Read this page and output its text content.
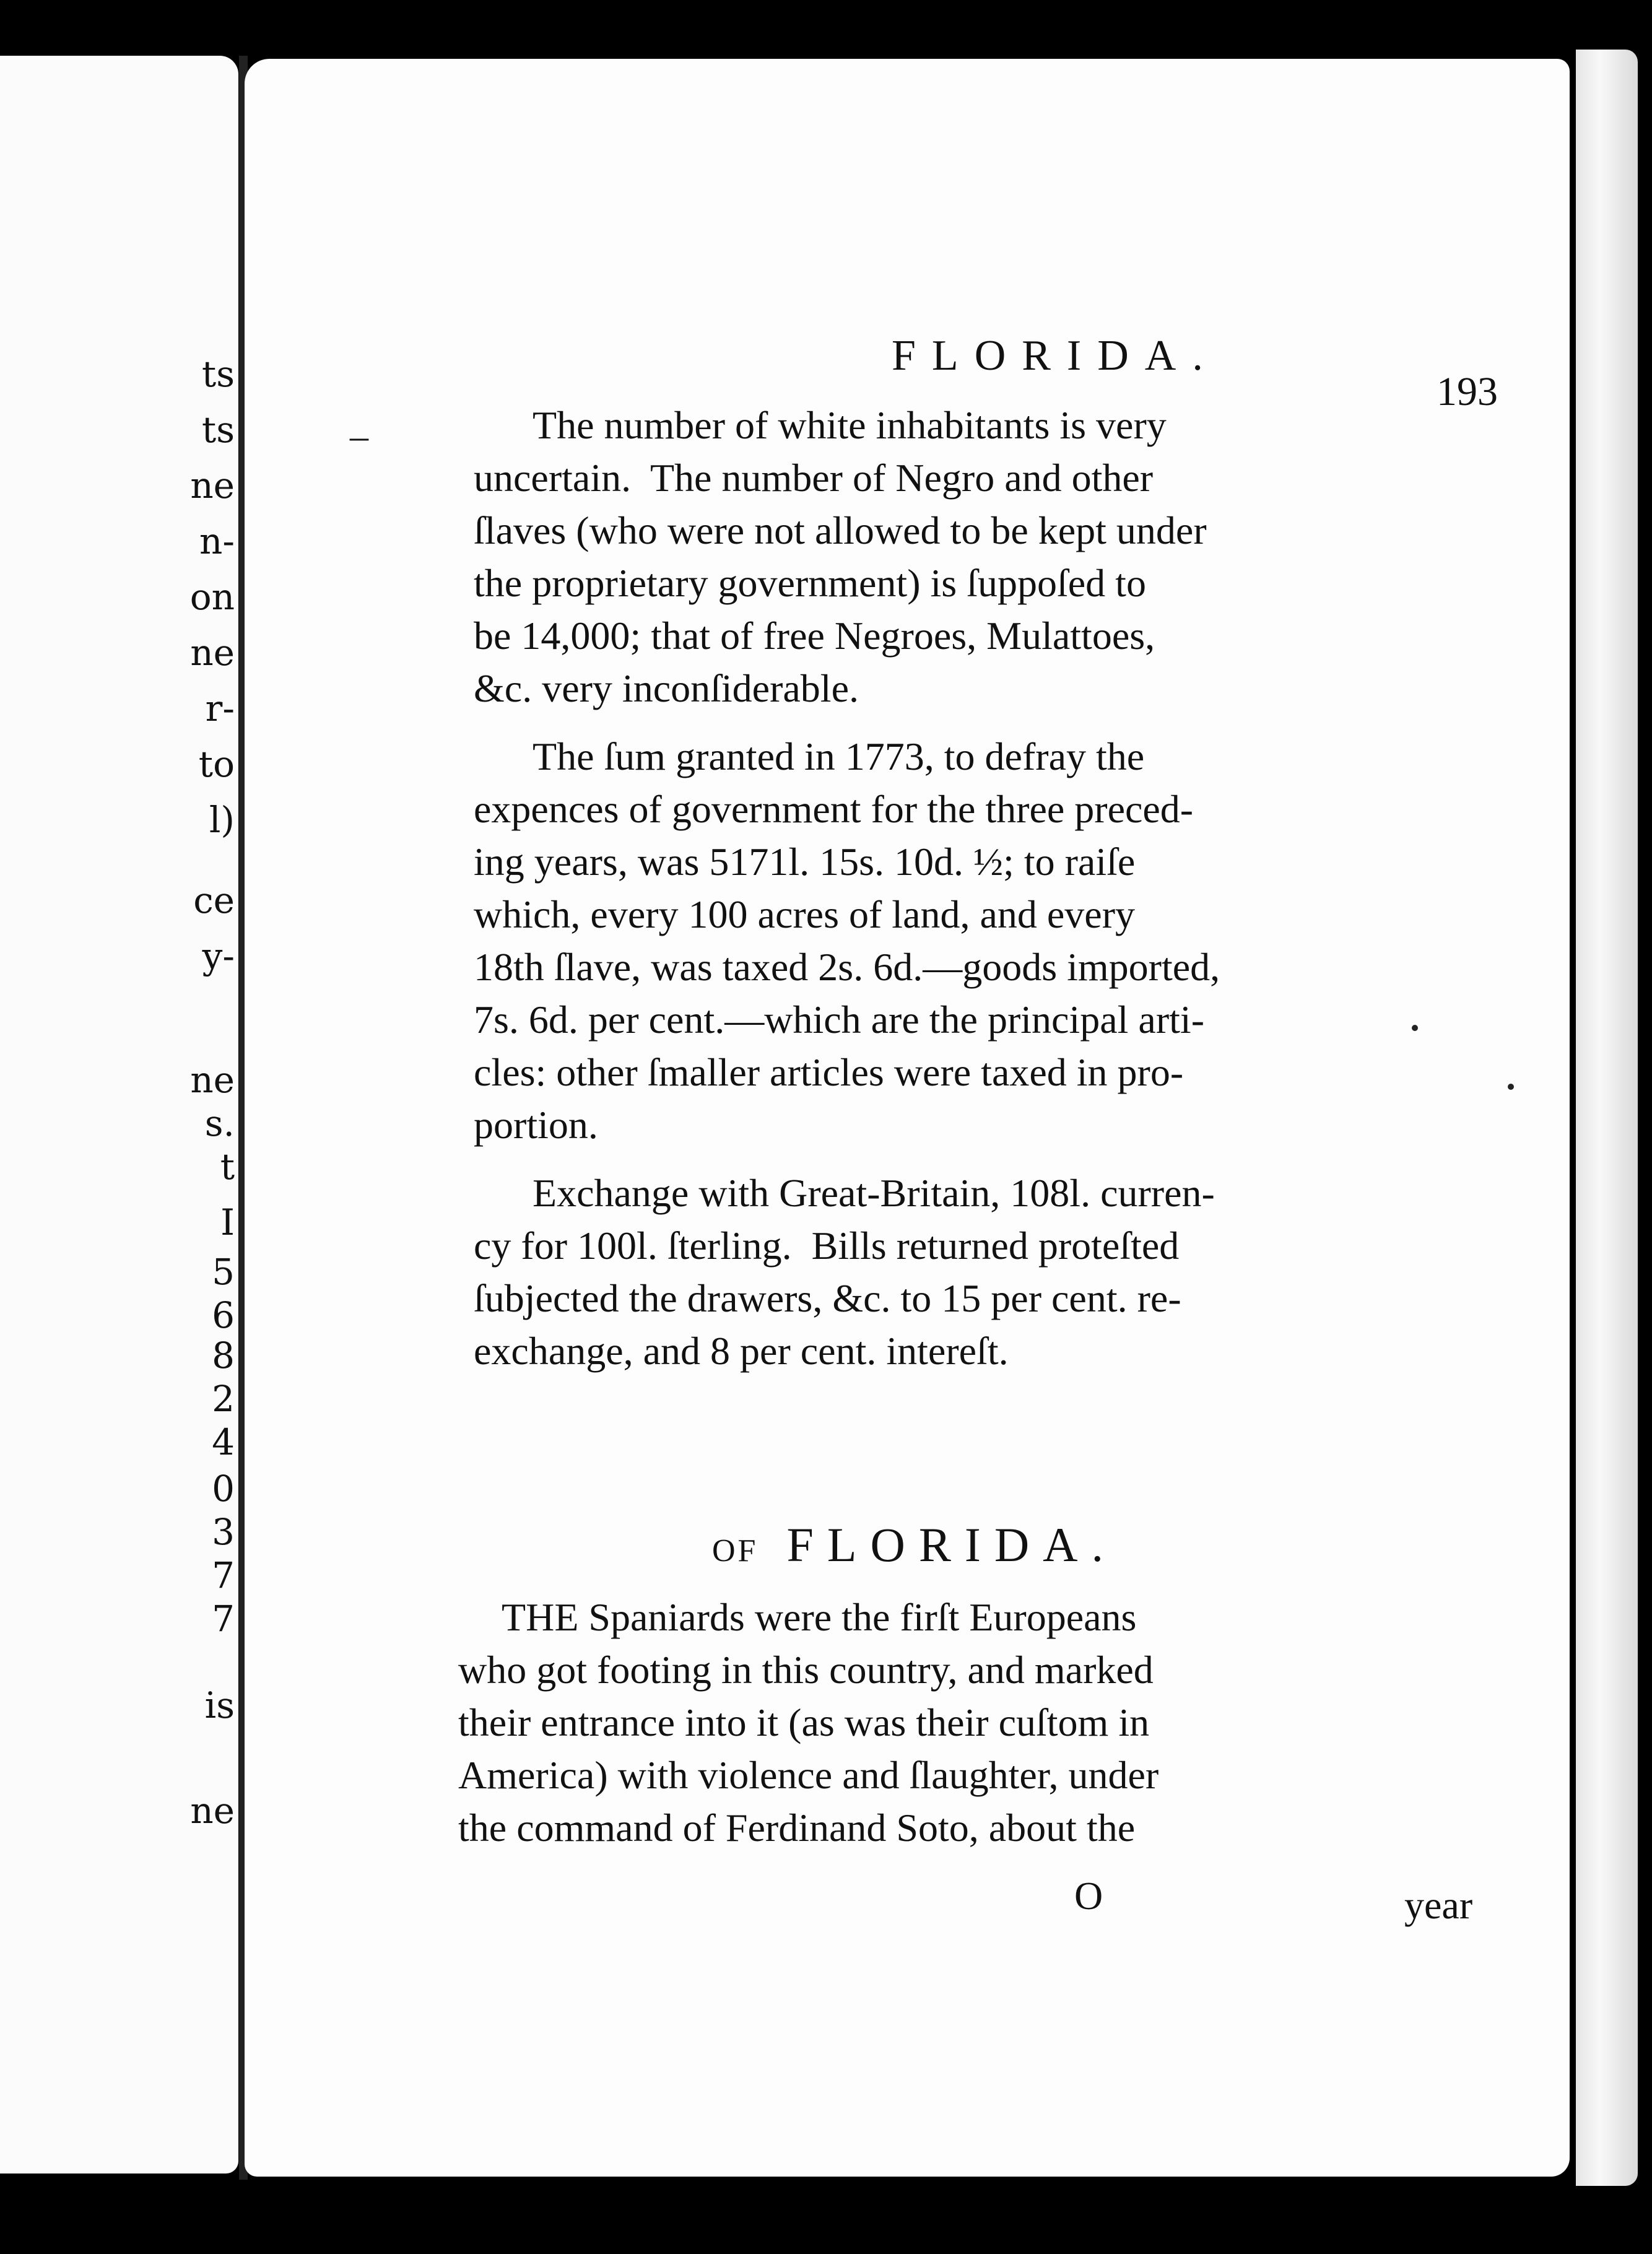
ts
ts
ne
n-
on
ne
r-
to
l)
ce
y-
ne
s.
t
I
5
6
8
2
4
0
3
7
7
is
ne
FLORIDA.
193
–	The number of white inhabitants is very
uncertain.  The number of Negro and other
ſlaves (who were not allowed to be kept under
the proprietary government) is ſuppoſed to
be 14,000; that of free Negroes, Mulattoes,
&c. very inconſiderable.
The ſum granted in 1773, to defray the
expences of government for the three preced-
ing years, was 5171l. 15s. 10d. ½; to raiſe
which, every 100 acres of land, and every
18th ſlave, was taxed 2s. 6d.—goods imported,
7s. 6d. per cent.—which are the principal arti-
cles: other ſmaller articles were taxed in pro-
portion.
Exchange with Great-Britain, 108l. curren-
cy for 100l. ſterling.  Bills returned proteſted
ſubjected the drawers, &c. to 15 per cent. re-
exchange, and 8 per cent. intereſt.
OF FLORIDA.
THE Spaniards were the firſt Europeans
who got footing in this country, and marked
their entrance into it (as was their cuſtom in
America) with violence and ſlaughter, under
the command of Ferdinand Soto, about the
O	year
